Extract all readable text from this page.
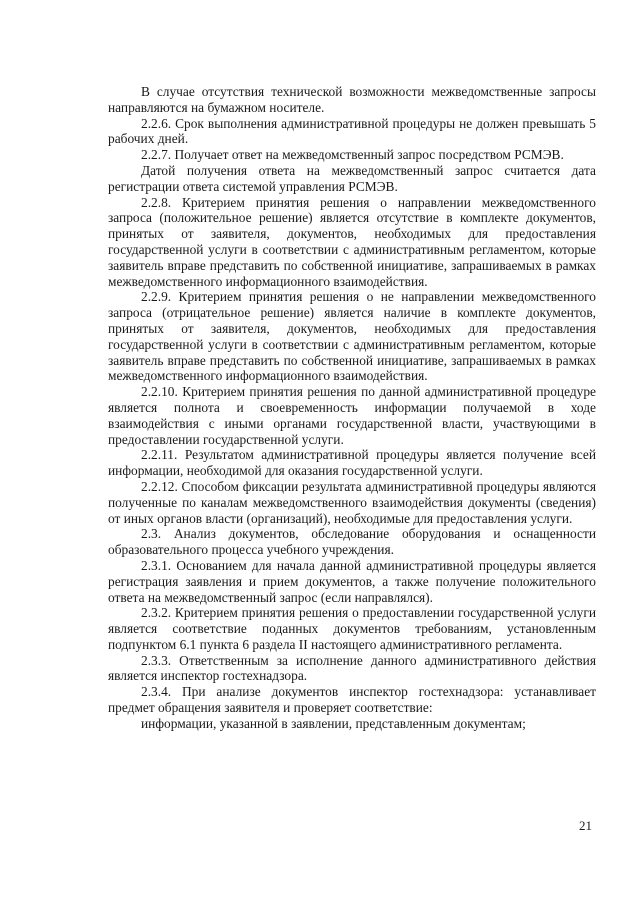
В случае отсутствия технической возможности межведомственные запросы направляются на бумажном носителе.

2.2.6. Срок выполнения административной процедуры не должен превышать 5 рабочих дней.

2.2.7. Получает ответ на межведомственный запрос посредством РСМЭВ.

Датой получения ответа на межведомственный запрос считается дата регистрации ответа системой управления РСМЭВ.

2.2.8. Критерием принятия решения о направлении межведомственного запроса (положительное решение) является отсутствие в комплекте документов, принятых от заявителя, документов, необходимых для предоставления государственной услуги в соответствии с административным регламентом, которые заявитель вправе представить по собственной инициативе, запрашиваемых в рамках межведомственного информационного взаимодействия.

2.2.9. Критерием принятия решения о не направлении межведомственного запроса (отрицательное решение) является наличие в комплекте документов, принятых от заявителя, документов, необходимых для предоставления государственной услуги в соответствии с административным регламентом, которые заявитель вправе представить по собственной инициативе, запрашиваемых в рамках межведомственного информационного взаимодействия.

2.2.10. Критерием принятия решения по данной административной процедуре является полнота и своевременность информации получаемой в ходе взаимодействия с иными органами государственной власти, участвующими в предоставлении государственной услуги.

2.2.11. Результатом административной процедуры является получение всей информации, необходимой для оказания государственной услуги.

2.2.12. Способом фиксации результата административной процедуры являются полученные по каналам межведомственного взаимодействия документы (сведения) от иных органов власти (организаций), необходимые для предоставления услуги.

2.3. Анализ документов, обследование оборудования и оснащенности образовательного процесса учебного учреждения.

2.3.1. Основанием для начала данной административной процедуры является регистрация заявления и прием документов, а также получение положительного ответа на межведомственный запрос (если направлялся).

2.3.2. Критерием принятия решения о предоставлении государственной услуги является соответствие поданных документов требованиям, установленным подпунктом 6.1 пункта 6 раздела II настоящего административного регламента.

2.3.3. Ответственным за исполнение данного административного действия является инспектор гостехнадзора.

2.3.4. При анализе документов инспектор гостехнадзора: устанавливает предмет обращения заявителя и проверяет соответствие:

информации, указанной в заявлении, представленным документам;

21
